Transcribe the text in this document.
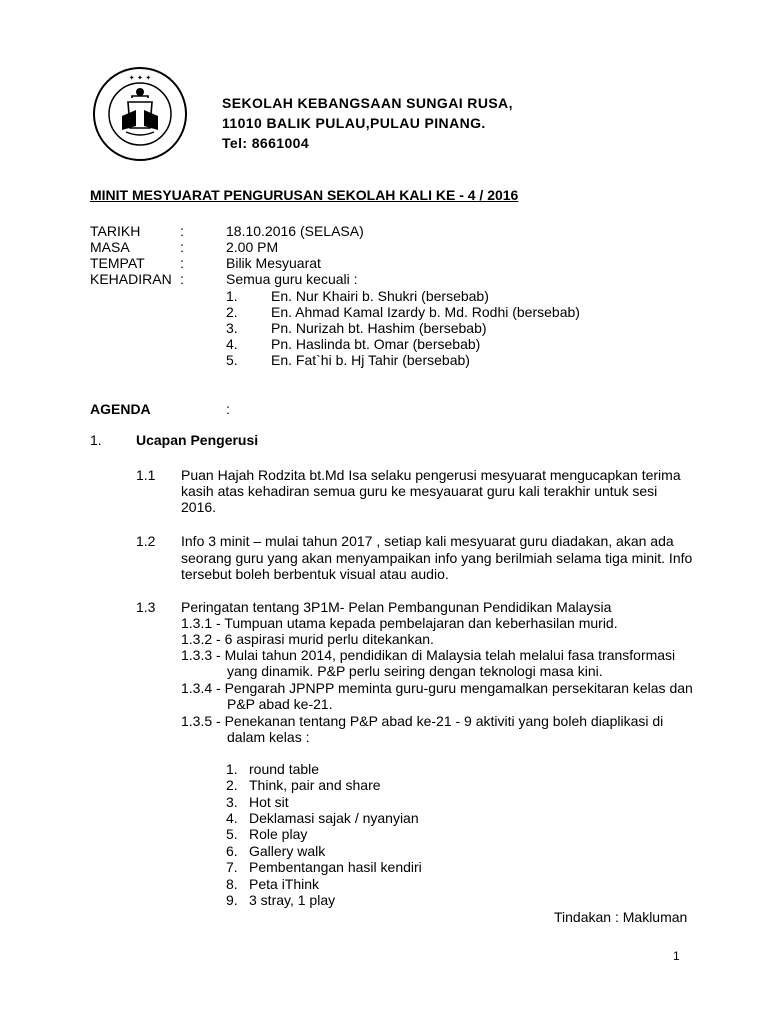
✦ ✦ ✦
SEKOLAH KEBANGSAAN SUNGAI RUSA,
11010 BALIK PULAU,PULAU PINANG.
Tel: 8661004
MINIT MESYUARAT PENGURUSAN SEKOLAH KALI KE - 4 / 2016
TARIKH	:	18.10.2016 (SELASA)
MASA	:	2.00 PM
TEMPAT	:	Bilik Mesyuarat
KEHADIRAN :	Semua guru kecuali :
1. En. Nur Khairi b. Shukri (bersebab)
2. En. Ahmad Kamal Izardy b. Md. Rodhi (bersebab)
3. Pn. Nurizah bt. Hashim (bersebab)
4. Pn. Haslinda bt. Omar (bersebab)
5. En. Fat`hi b. Hj Tahir (bersebab)
AGENDA	:
1. Ucapan Pengerusi
1.1 Puan Hajah Rodzita bt.Md Isa selaku pengerusi mesyuarat mengucapkan terima
kasih atas kehadiran semua guru ke mesyauarat guru kali terakhir untuk sesi
2016.
1.2 Info 3 minit – mulai tahun 2017 , setiap kali mesyuarat guru diadakan, akan ada
seorang guru yang akan menyampaikan info yang berilmiah selama tiga minit. Info
tersebut boleh berbentuk visual atau audio.
1.3 Peringatan tentang 3P1M- Pelan Pembangunan Pendidikan Malaysia
1.3.1 - Tumpuan utama kepada pembelajaran dan keberhasilan murid.
1.3.2 - 6 aspirasi murid perlu ditekankan.
1.3.3 - Mulai tahun 2014, pendidikan di Malaysia telah melalui fasa transformasi
yang dinamik. P&P perlu seiring dengan teknologi masa kini.
1.3.4 - Pengarah JPNPP meminta guru-guru mengamalkan persekitaran kelas dan
P&P abad ke-21.
1.3.5 - Penekanan tentang P&P abad ke-21 - 9 aktiviti yang boleh diaplikasi di
dalam kelas :
1. round table
2. Think, pair and share
3. Hot sit
4. Deklamasi sajak / nyanyian
5. Role play
6. Gallery walk
7. Pembentangan hasil kendiri
8. Peta iThink
9. 3 stray, 1 play
Tindakan : Makluman
1
